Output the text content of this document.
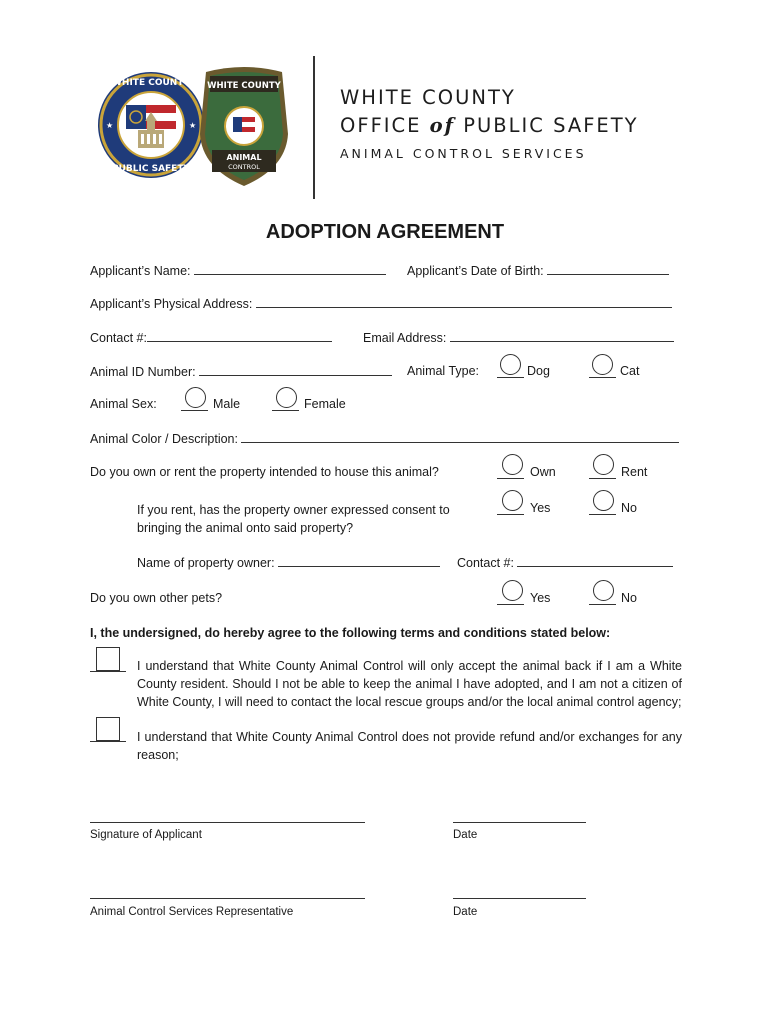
WHITE COUNTY
PUBLIC SAFETY
★	★
WHITE COUNTY
ANIMAL
CONTROL
WHITE COUNTY
OFFICE of PUBLIC SAFETY
ANIMAL CONTROL SERVICES
ADOPTION AGREEMENT
Applicant’s Name:	Applicant’s Date of Birth:
Applicant’s Physical Address:
Contact #:	Email Address:
Animal ID Number:	Animal Type:	Dog	Cat
Animal Sex:	Male	Female
Animal Color / Description:
Do you own or rent the property intended to house this animal?	Own	Rent
If you rent, has the property owner expressed consent to
bringing the animal onto said property?
Yes	No
Name of property owner:	Contact #:
Do you own other pets?	Yes	No
I, the undersigned, do hereby agree to the following terms and conditions stated below:
I understand that White County Animal Control will only accept the animal back if I am a White County resident. Should I not be able to keep the animal I have adopted, and I am not a citizen of White County, I will need to contact the local rescue groups and/or the local animal control agency;
I understand that White County Animal Control does not provide refund and/or exchanges for any reason;
Signature of Applicant	Date
Animal Control Services Representative	Date
